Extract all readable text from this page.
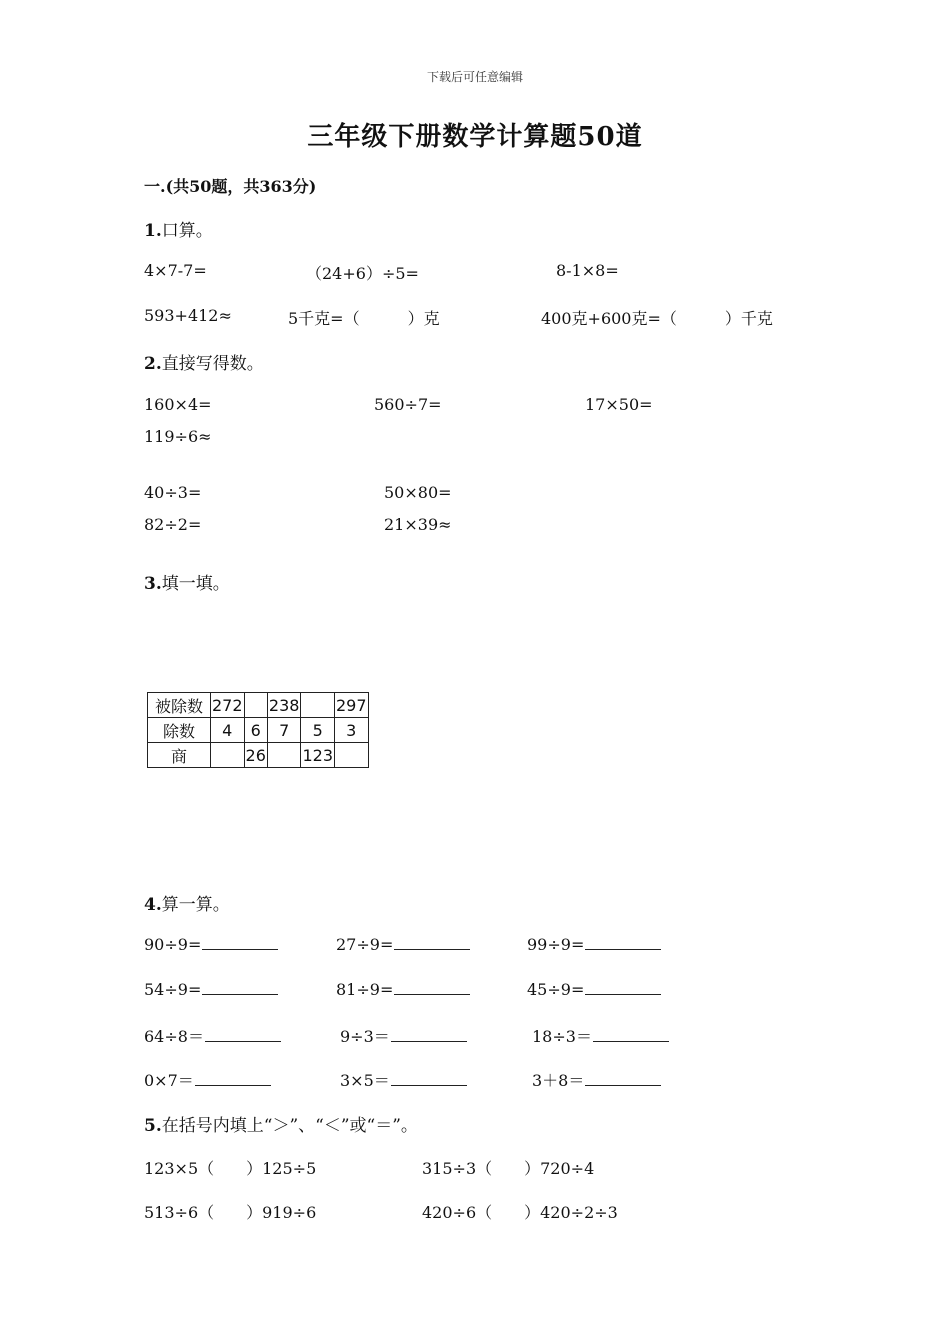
下载后可任意编辑
三年级下册数学计算题50道
一.(共50题，共363分)
1.口算。
4×7-7=	（24+6）÷5=	8-1×8=
593+412≈	5千克=（　　　）克	400克+600克=（　　　）千克
2.直接写得数。
160×4=	560÷7=	17×50=
119÷6≈
40÷3=	50×80=
82÷2=	21×39≈
3.填一填。
被除数	272		238		297
除数	4	6	7	5	3
商		26		123	
4.算一算。
90÷9=	27÷9=	99÷9=
54÷9=	81÷9=	45÷9=
64÷8＝	9÷3＝	18÷3＝
0×7＝	3×5＝	3＋8＝
5.在括号内填上“＞”、“＜”或“＝”。
123×5（　　）125÷5	315÷3（　　）720÷4
513÷6（　　）919÷6	420÷6（　　）420÷2÷3
